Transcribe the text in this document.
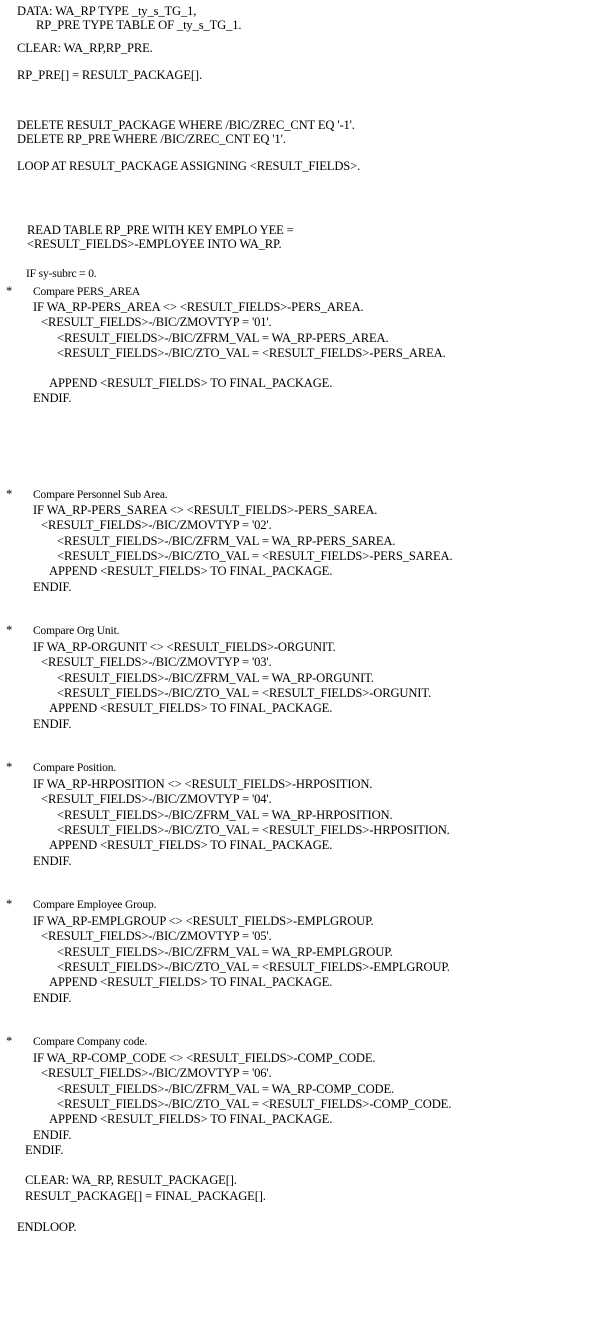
DATA: WA_RP TYPE _ty_s_TG_1,
RP_PRE TYPE TABLE OF _ty_s_TG_1.
CLEAR: WA_RP,RP_PRE.
RP_PRE[] = RESULT_PACKAGE[].
DELETE RESULT_PACKAGE WHERE /BIC/ZREC_CNT EQ '-1'.
DELETE RP_PRE WHERE /BIC/ZREC_CNT EQ '1'.
LOOP AT RESULT_PACKAGE ASSIGNING <RESULT_FIELDS>.
READ TABLE RP_PRE WITH KEY EMPLO YEE =
<RESULT_FIELDS>-EMPLOYEE INTO WA_RP.
IF sy-subrc = 0.
* Compare PERS_AREA
IF WA_RP-PERS_AREA <> <RESULT_FIELDS>-PERS_AREA.
<RESULT_FIELDS>-/BIC/ZMOVTYP = '01'.
<RESULT_FIELDS>-/BIC/ZFRM_VAL = WA_RP-PERS_AREA.
<RESULT_FIELDS>-/BIC/ZTO_VAL = <RESULT_FIELDS>-PERS_AREA.
APPEND <RESULT_FIELDS> TO FINAL_PACKAGE.
ENDIF.
* Compare Personnel Sub Area.
IF WA_RP-PERS_SAREA <> <RESULT_FIELDS>-PERS_SAREA.
<RESULT_FIELDS>-/BIC/ZMOVTYP = '02'.
<RESULT_FIELDS>-/BIC/ZFRM_VAL = WA_RP-PERS_SAREA.
<RESULT_FIELDS>-/BIC/ZTO_VAL = <RESULT_FIELDS>-PERS_SAREA.
APPEND <RESULT_FIELDS> TO FINAL_PACKAGE.
ENDIF.
* Compare Org Unit.
IF WA_RP-ORGUNIT <> <RESULT_FIELDS>-ORGUNIT.
<RESULT_FIELDS>-/BIC/ZMOVTYP = '03'.
<RESULT_FIELDS>-/BIC/ZFRM_VAL = WA_RP-ORGUNIT.
<RESULT_FIELDS>-/BIC/ZTO_VAL = <RESULT_FIELDS>-ORGUNIT.
APPEND <RESULT_FIELDS> TO FINAL_PACKAGE.
ENDIF.
* Compare Position.
IF WA_RP-HRPOSITION <> <RESULT_FIELDS>-HRPOSITION.
<RESULT_FIELDS>-/BIC/ZMOVTYP = '04'.
<RESULT_FIELDS>-/BIC/ZFRM_VAL = WA_RP-HRPOSITION.
<RESULT_FIELDS>-/BIC/ZTO_VAL = <RESULT_FIELDS>-HRPOSITION.
APPEND <RESULT_FIELDS> TO FINAL_PACKAGE.
ENDIF.
* Compare Employee Group.
IF WA_RP-EMPLGROUP <> <RESULT_FIELDS>-EMPLGROUP.
<RESULT_FIELDS>-/BIC/ZMOVTYP = '05'.
<RESULT_FIELDS>-/BIC/ZFRM_VAL = WA_RP-EMPLGROUP.
<RESULT_FIELDS>-/BIC/ZTO_VAL = <RESULT_FIELDS>-EMPLGROUP.
APPEND <RESULT_FIELDS> TO FINAL_PACKAGE.
ENDIF.
* Compare Company code.
IF WA_RP-COMP_CODE <> <RESULT_FIELDS>-COMP_CODE.
<RESULT_FIELDS>-/BIC/ZMOVTYP = '06'.
<RESULT_FIELDS>-/BIC/ZFRM_VAL = WA_RP-COMP_CODE.
<RESULT_FIELDS>-/BIC/ZTO_VAL = <RESULT_FIELDS>-COMP_CODE.
APPEND <RESULT_FIELDS> TO FINAL_PACKAGE.
ENDIF.
ENDIF.
CLEAR: WA_RP, RESULT_PACKAGE[].
RESULT_PACKAGE[] = FINAL_PACKAGE[].
ENDLOOP.
